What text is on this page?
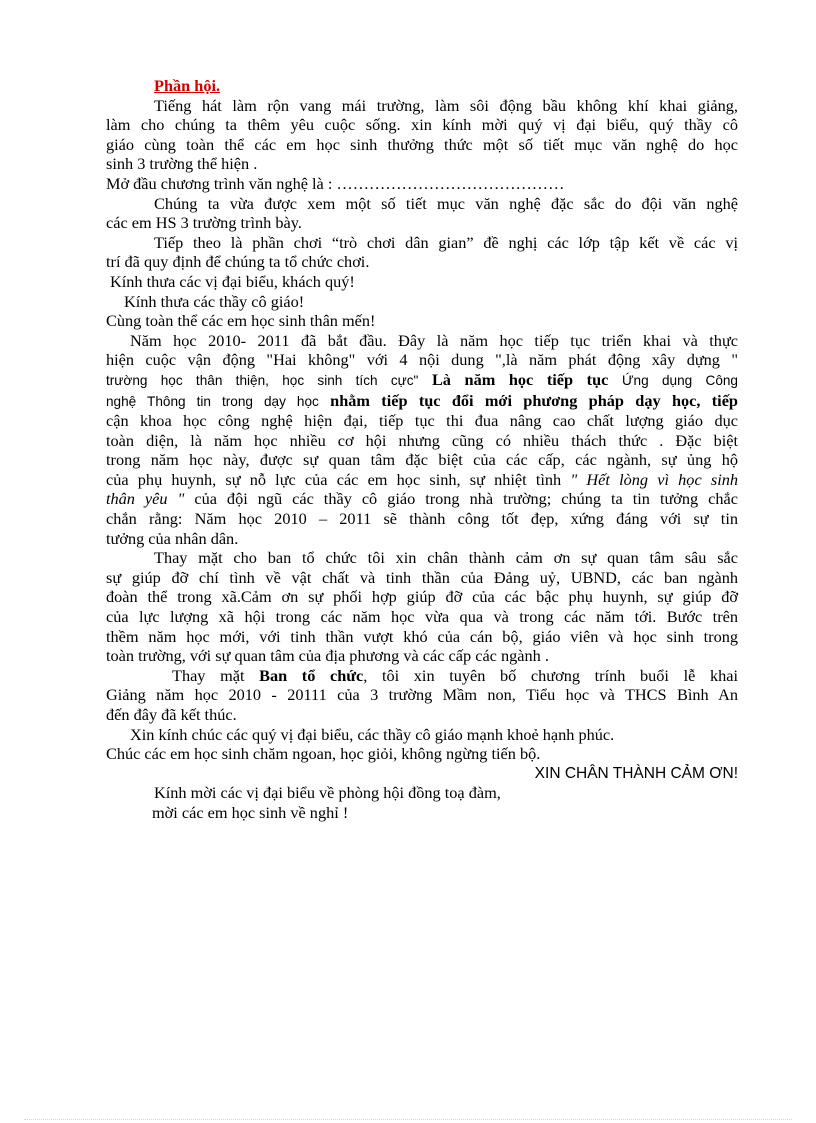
Phần hội.
Tiếng hát làm rộn vang mái trường, làm sôi động bầu không khí khai giảng,
làm cho chúng ta thêm yêu cuộc sống. xin kính mời quý vị đại biểu, quý thầy cô
giáo cùng toàn thể các em học sinh thưởng thức một số tiết mục văn nghệ do học
sinh 3 trường thể hiện .
Mở đầu chương trình văn nghệ là : ……………………………………
Chúng ta vừa được xem một số tiết mục văn nghệ đặc sắc do đội văn nghệ
các em HS 3 trường trình bày.
Tiếp theo là phần chơi “trò chơi dân gian” đề nghị các lớp tập kết về các vị
trí đã quy định để chúng ta tổ chức chơi.
Kính thưa các vị đại biểu, khách quý!
Kính thưa các thầy cô giáo!
Cùng toàn thể các em học sinh thân mến!
Năm học 2010- 2011 đã bắt đầu. Đây là năm học tiếp tục triển khai và thực
hiện cuộc vận động "Hai không" với 4 nội dung ",là năm phát động xây dựng "
trường học thân thiện, học sinh tích cực" Là năm học tiếp tục Ứng dụng Công
nghệ Thông tin trong dạy học nhằm tiếp tục đổi mới phương pháp dạy học, tiếp
cận khoa học công nghệ hiện đại, tiếp tục thi đua nâng cao chất lượng giáo dục
toàn diện, là năm học nhiều cơ hội nhưng cũng có nhiều thách thức . Đặc biệt
trong năm học này, được sự quan tâm đặc biệt của các cấp, các ngành, sự ủng hộ
của phụ huynh, sự nỗ lực của các em học sinh, sự nhiệt tình " Hết lòng vì học sinh
thân yêu " của đội ngũ các thầy cô giáo trong nhà trường; chúng ta tin tưởng chắc
chắn rằng: Năm học 2010 – 2011 sẽ thành công tốt đẹp, xứng đáng với sự tin
tưởng của nhân dân.
Thay mặt cho ban tổ chức tôi xin chân thành cảm ơn sự quan tâm sâu sắc
sự giúp đỡ chí tình về vật chất và tinh thần của Đảng uỷ, UBND, các ban ngành
đoàn thể trong xã.Cảm ơn sự phối hợp giúp đỡ của các bậc phụ huynh, sự giúp đỡ
của lực lượng xã hội trong các năm học vừa qua và trong các năm tới. Bước trên
thềm năm học mới, với tinh thần vượt khó của cán bộ, giáo viên và học sinh trong
toàn trường, với sự quan tâm của địa phương và các cấp các ngành .
Thay mặt Ban tổ chức, tôi xin tuyên bố chương trính buổi lễ khai
Giảng năm học 2010 - 20111 của 3 trường Mầm non, Tiểu học và THCS Bình An
đến đây đã kết thúc.
Xin kính chúc các quý vị đại biểu, các thầy cô giáo mạnh khoẻ hạnh phúc.
Chúc các em học sinh chăm ngoan, học giỏi, không ngừng tiến bộ.
XIN CHÂN THÀNH CẢM ƠN!
Kính mời các vị đại biểu về phòng hội đồng toạ đàm,
mời các em học sinh về nghỉ !
